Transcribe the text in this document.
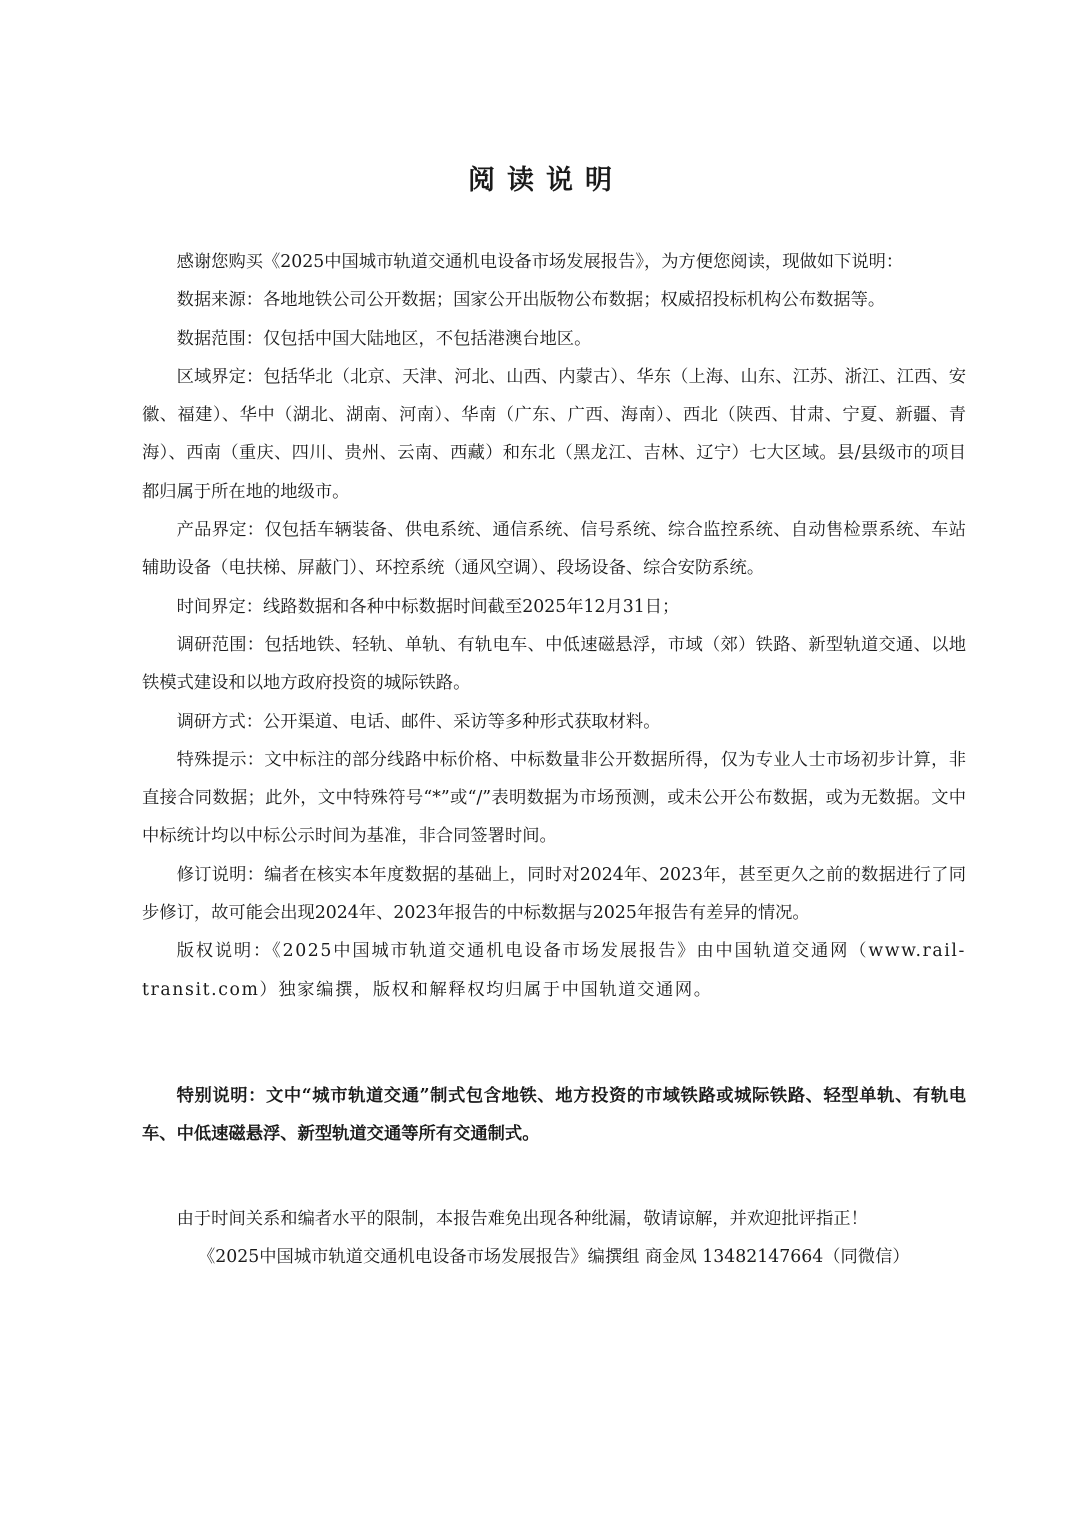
阅读说明

感谢您购买《2025中国城市轨道交通机电设备市场发展报告》，为方便您阅读，现做如下说明：

数据来源：各地地铁公司公开数据；国家公开出版物公布数据；权威招投标机构公布数据等。

数据范围：仅包括中国大陆地区，不包括港澳台地区。

区域界定：包括华北（北京、天津、河北、山西、内蒙古）、华东（上海、山东、江苏、浙江、江西、安徽、福建）、华中（湖北、湖南、河南）、华南（广东、广西、海南）、西北（陕西、甘肃、宁夏、新疆、青海）、西南（重庆、四川、贵州、云南、西藏）和东北（黑龙江、吉林、辽宁）七大区域。县/县级市的项目都归属于所在地的地级市。

产品界定：仅包括车辆装备、供电系统、通信系统、信号系统、综合监控系统、自动售检票系统、车站辅助设备（电扶梯、屏蔽门）、环控系统（通风空调）、段场设备、综合安防系统。

时间界定：线路数据和各种中标数据时间截至2025年12月31日；

调研范围：包括地铁、轻轨、单轨、有轨电车、中低速磁悬浮，市域（郊）铁路、新型轨道交通、以地铁模式建设和以地方政府投资的城际铁路。

调研方式：公开渠道、电话、邮件、采访等多种形式获取材料。

特殊提示：文中标注的部分线路中标价格、中标数量非公开数据所得，仅为专业人士市场初步计算，非直接合同数据；此外，文中特殊符号“*”或“/”表明数据为市场预测，或未公开公布数据，或为无数据。文中中标统计均以中标公示时间为基准，非合同签署时间。

修订说明：编者在核实本年度数据的基础上，同时对2024年、2023年，甚至更久之前的数据进行了同步修订，故可能会出现2024年、2023年报告的中标数据与2025年报告有差异的情况。

版权说明：《2025中国城市轨道交通机电设备市场发展报告》由中国轨道交通网（www.rail-transit.com）独家编撰，版权和解释权均归属于中国轨道交通网。

特别说明：文中“城市轨道交通”制式包含地铁、地方投资的市域铁路或城际铁路、轻型单轨、有轨电车、中低速磁悬浮、新型轨道交通等所有交通制式。

由于时间关系和编者水平的限制，本报告难免出现各种纰漏，敬请谅解，并欢迎批评指正！

《2025中国城市轨道交通机电设备市场发展报告》编撰组 商金凤 13482147664（同微信）
